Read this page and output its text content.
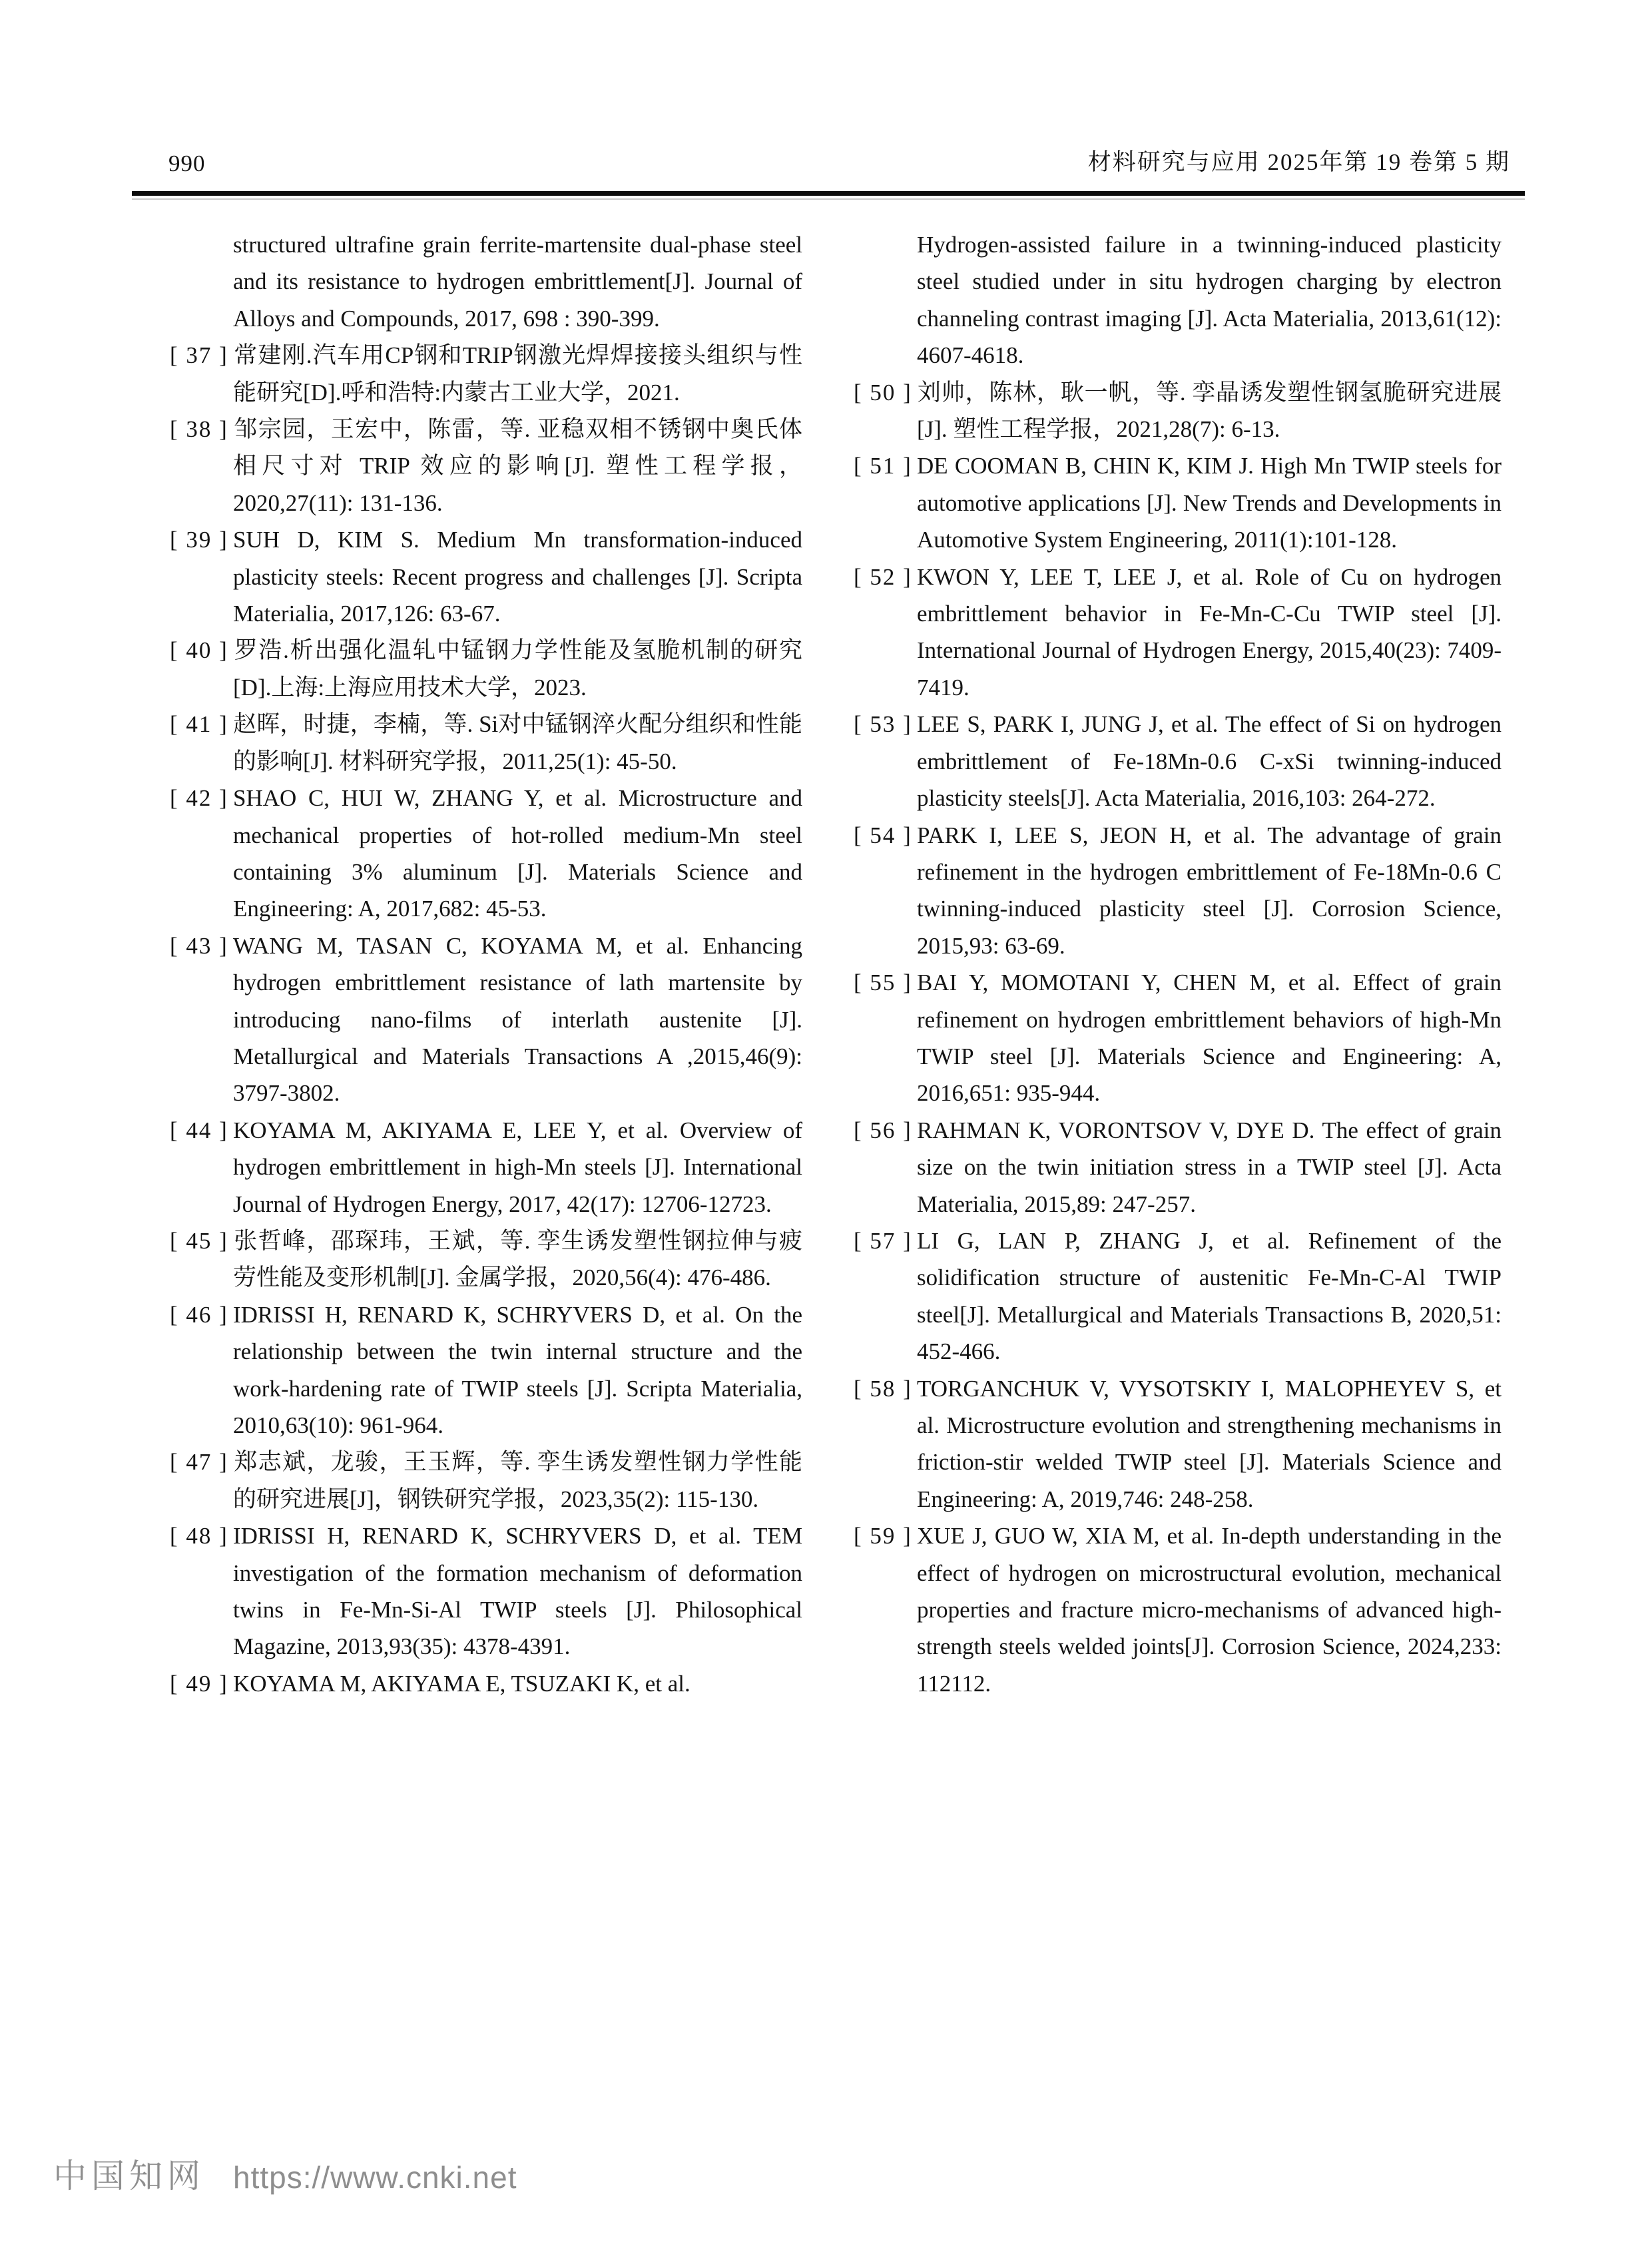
990	材料研究与应用 2025年第 19 卷第 5 期
structured ultrafine grain ferrite-martensite dual-phase steel and its resistance to hydrogen embrittlement[J]. Journal of Alloys and Compounds, 2017, 698 : 390-399.
[ 37 ] 常建刚.汽车用CP钢和TRIP钢激光焊焊接接头组织与性能研究[D].呼和浩特:内蒙古工业大学，2021.
[ 38 ] 邹宗园，王宏中，陈雷，等. 亚稳双相不锈钢中奥氏体相尺寸对 TRIP 效应的影响[J]. 塑性工程学报，2020,27(11): 131-136.
[ 39 ] SUH D, KIM S. Medium Mn transformation-induced plasticity steels: Recent progress and challenges [J]. Scripta Materialia, 2017,126: 63-67.
[ 40 ] 罗浩.析出强化温轧中锰钢力学性能及氢脆机制的研究[D].上海:上海应用技术大学，2023.
[ 41 ] 赵晖，时捷，李楠，等. Si对中锰钢淬火配分组织和性能的影响[J]. 材料研究学报，2011,25(1): 45-50.
[ 42 ] SHAO C, HUI W, ZHANG Y, et al. Microstructure and mechanical properties of hot-rolled medium-Mn steel containing 3% aluminum [J]. Materials Science and Engineering: A, 2017,682: 45-53.
[ 43 ] WANG M, TASAN C, KOYAMA M, et al. Enhancing hydrogen embrittlement resistance of lath martensite by introducing nano-films of interlath austenite [J]. Metallurgical and Materials Transactions A ,2015,46(9): 3797-3802.
[ 44 ] KOYAMA M, AKIYAMA E, LEE Y, et al. Overview of hydrogen embrittlement in high-Mn steels [J]. International Journal of Hydrogen Energy, 2017, 42(17): 12706-12723.
[ 45 ] 张哲峰，邵琛玮，王斌，等. 孪生诱发塑性钢拉伸与疲劳性能及变形机制[J]. 金属学报，2020,56(4): 476-486.
[ 46 ] IDRISSI H, RENARD K, SCHRYVERS D, et al. On the relationship between the twin internal structure and the work-hardening rate of TWIP steels [J]. Scripta Materialia, 2010,63(10): 961-964.
[ 47 ] 郑志斌，龙骏，王玉辉，等. 孪生诱发塑性钢力学性能的研究进展[J]，钢铁研究学报，2023,35(2): 115-130.
[ 48 ] IDRISSI H, RENARD K, SCHRYVERS D, et al. TEM investigation of the formation mechanism of deformation twins in Fe-Mn-Si-Al TWIP steels [J]. Philosophical Magazine, 2013,93(35): 4378-4391.
[ 49 ] KOYAMA M, AKIYAMA E, TSUZAKI K, et al.
Hydrogen-assisted failure in a twinning-induced plasticity steel studied under in situ hydrogen charging by electron channeling contrast imaging [J]. Acta Materialia, 2013,61(12): 4607-4618.
[ 50 ] 刘帅，陈林，耿一帆，等. 孪晶诱发塑性钢氢脆研究进展[J]. 塑性工程学报，2021,28(7): 6-13.
[ 51 ] DE COOMAN B, CHIN K, KIM J. High Mn TWIP steels for automotive applications [J]. New Trends and Developments in Automotive System Engineering, 2011(1):101-128.
[ 52 ] KWON Y, LEE T, LEE J, et al. Role of Cu on hydrogen embrittlement behavior in Fe-Mn-C-Cu TWIP steel [J]. International Journal of Hydrogen Energy, 2015,40(23): 7409-7419.
[ 53 ] LEE S, PARK I, JUNG J, et al. The effect of Si on hydrogen embrittlement of Fe-18Mn-0.6 C-xSi twinning-induced plasticity steels[J]. Acta Materialia, 2016,103: 264-272.
[ 54 ] PARK I, LEE S, JEON H, et al. The advantage of grain refinement in the hydrogen embrittlement of Fe-18Mn-0.6 C twinning-induced plasticity steel [J]. Corrosion Science, 2015,93: 63-69.
[ 55 ] BAI Y, MOMOTANI Y, CHEN M, et al. Effect of grain refinement on hydrogen embrittlement behaviors of high-Mn TWIP steel [J]. Materials Science and Engineering: A, 2016,651: 935-944.
[ 56 ] RAHMAN K, VORONTSOV V, DYE D. The effect of grain size on the twin initiation stress in a TWIP steel [J]. Acta Materialia, 2015,89: 247-257.
[ 57 ] LI G, LAN P, ZHANG J, et al. Refinement of the solidification structure of austenitic Fe-Mn-C-Al TWIP steel[J]. Metallurgical and Materials Transactions B, 2020,51: 452-466.
[ 58 ] TORGANCHUK V, VYSOTSKIY I, MALOPHEYEV S, et al. Microstructure evolution and strengthening mechanisms in friction-stir welded TWIP steel [J]. Materials Science and Engineering: A, 2019,746: 248-258.
[ 59 ] XUE J, GUO W, XIA M, et al. In-depth understanding in the effect of hydrogen on microstructural evolution, mechanical properties and fracture micro-mechanisms of advanced high-strength steels welded joints[J]. Corrosion Science, 2024,233: 112112.
中国知网 https://www.cnki.net
